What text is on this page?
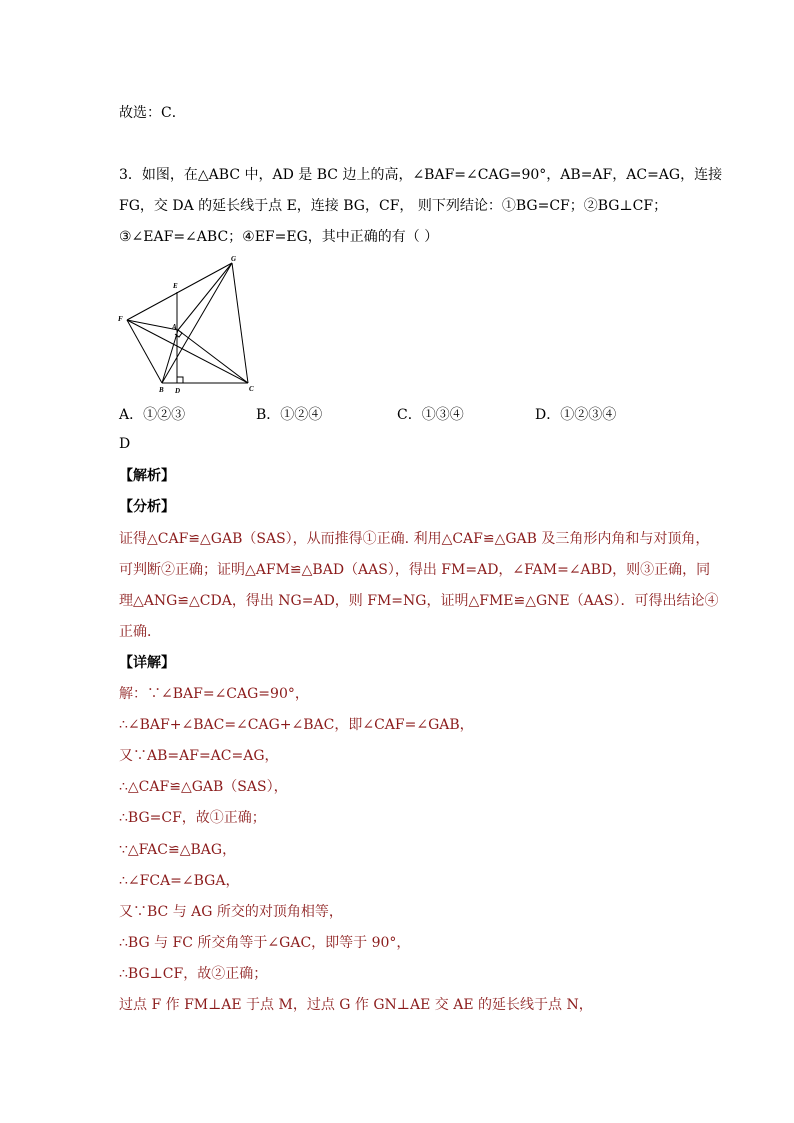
故选：C．
3．如图，在△ABC 中，AD 是 BC 边上的高，∠BAF=∠CAG=90°，AB=AF，AC=AG，连接
FG，交 DA 的延长线于点 E，连接 BG，CF， 则下列结论：①BG=CF；②BG⊥CF；
③∠EAF=∠ABC；④EF=EG，其中正确的有（ ）
G
E
F
A
B D	C
A．①②③	B．①②④	C．①③④	D．①②③④
D
【解析】
【分析】
证得△CAF≌△GAB（SAS），从而推得①正确. 利用△CAF≌△GAB 及三角形内角和与对顶角，
可判断②正确；证明△AFM≌△BAD（AAS），得出 FM=AD，∠FAM=∠ABD，则③正确，同
理△ANG≌△CDA，得出 NG=AD，则 FM=NG，证明△FME≌△GNE（AAS）．可得出结论④
正确．
【详解】
解：∵∠BAF=∠CAG=90°，
∴∠BAF+∠BAC=∠CAG+∠BAC，即∠CAF=∠GAB，
又∵AB=AF=AC=AG，
∴△CAF≌△GAB（SAS），
∴BG=CF，故①正确；
∵△FAC≌△BAG，
∴∠FCA=∠BGA，
又∵BC 与 AG 所交的对顶角相等，
∴BG 与 FC 所交角等于∠GAC，即等于 90°，
∴BG⊥CF，故②正确；
过点 F 作 FM⊥AE 于点 M，过点 G 作 GN⊥AE 交 AE 的延长线于点 N，
